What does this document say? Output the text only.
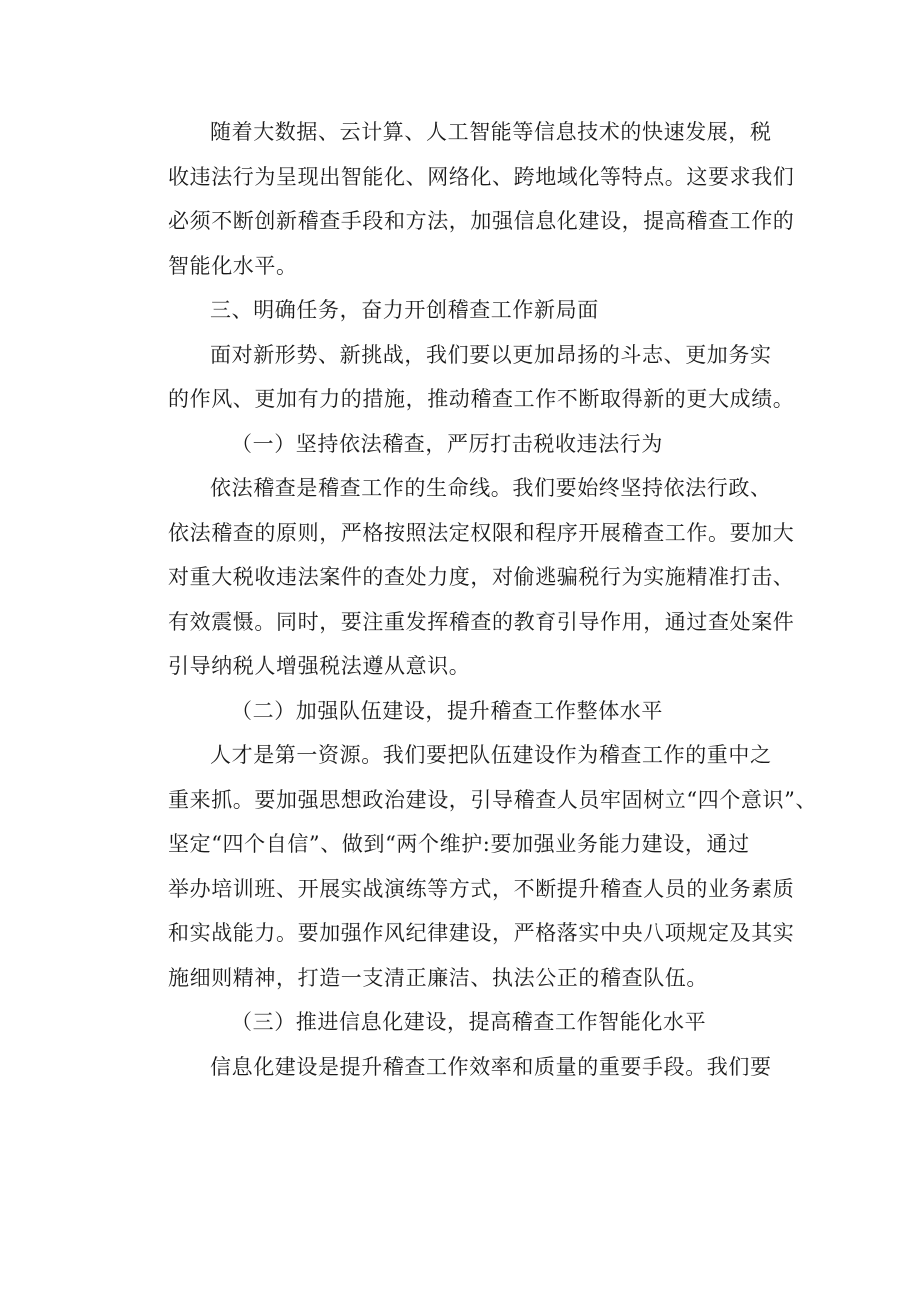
随着大数据、云计算、人工智能等信息技术的快速发展，税
收违法行为呈现出智能化、网络化、跨地域化等特点。这要求我们
必须不断创新稽查手段和方法，加强信息化建设，提高稽查工作的
智能化水平。

三、明确任务，奋力开创稽查工作新局面

面对新形势、新挑战，我们要以更加昂扬的斗志、更加务实
的作风、更加有力的措施，推动稽查工作不断取得新的更大成绩。

（一）坚持依法稽查，严厉打击税收违法行为

依法稽查是稽查工作的生命线。我们要始终坚持依法行政、
依法稽查的原则，严格按照法定权限和程序开展稽查工作。要加大
对重大税收违法案件的查处力度，对偷逃骗税行为实施精准打击、
有效震慑。同时，要注重发挥稽查的教育引导作用，通过查处案件
引导纳税人增强税法遵从意识。

（二）加强队伍建设，提升稽查工作整体水平

人才是第一资源。我们要把队伍建设作为稽查工作的重中之
重来抓。要加强思想政治建设，引导稽查人员牢固树立“四个意识”、
坚定“四个自信”、做到“两个维护:要加强业务能力建设，通过
举办培训班、开展实战演练等方式，不断提升稽查人员的业务素质
和实战能力。要加强作风纪律建设，严格落实中央八项规定及其实
施细则精神，打造一支清正廉洁、执法公正的稽查队伍。

（三）推进信息化建设，提高稽查工作智能化水平

信息化建设是提升稽查工作效率和质量的重要手段。我们要
